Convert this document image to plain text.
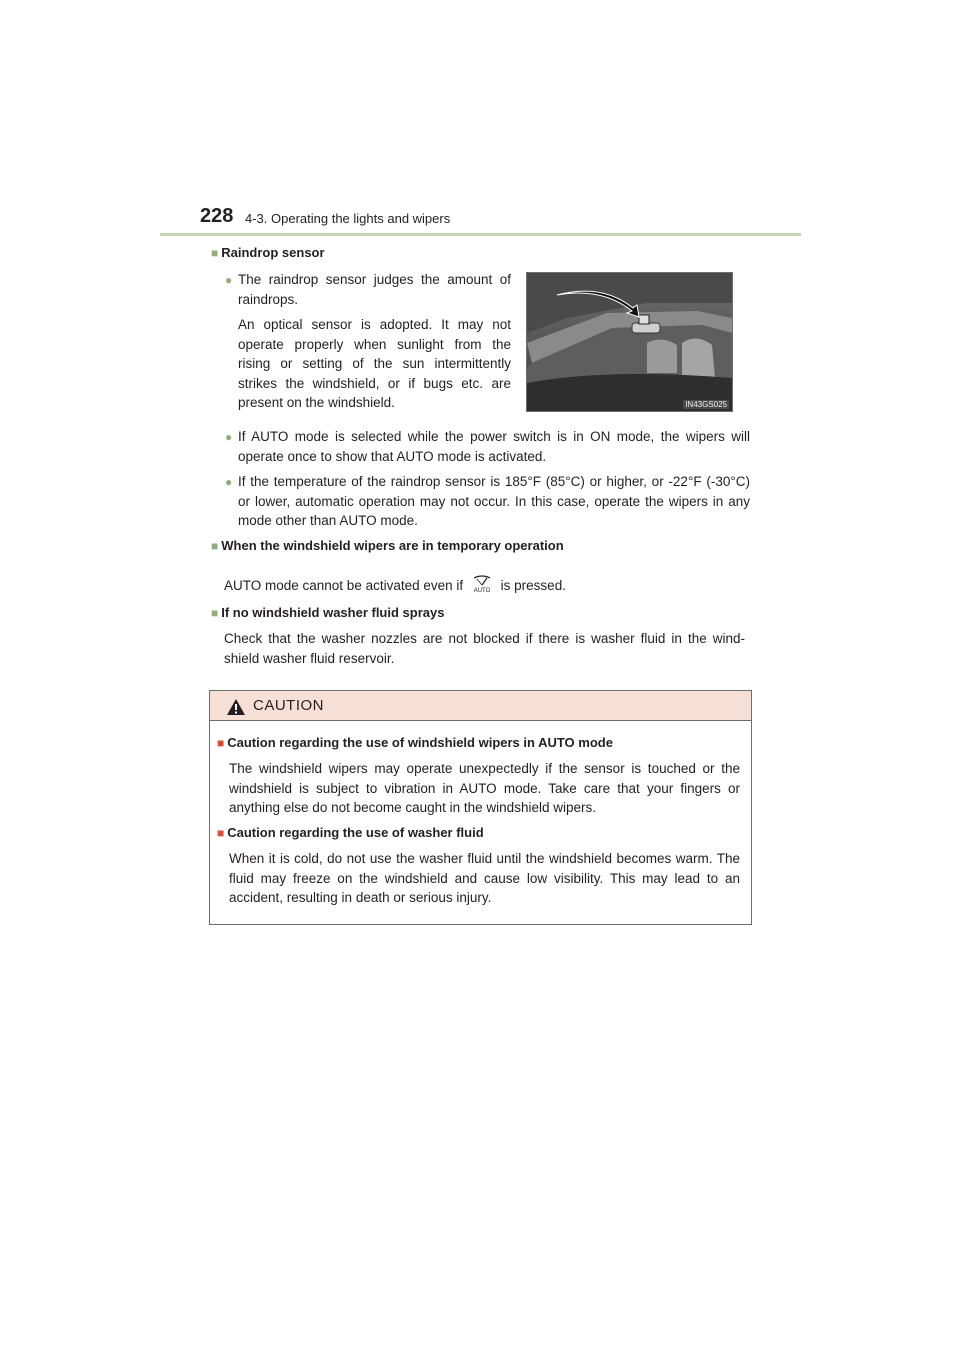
228 4-3. Operating the lights and wipers
■ Raindrop sensor
● The raindrop sensor judges the amount of raindrops.
An optical sensor is adopted. It may not operate properly when sunlight from the rising or setting of the sun intermittently strikes the windshield, or if bugs etc. are present on the windshield.	IN43GS025
● If AUTO mode is selected while the power switch is in ON mode, the wipers will operate once to show that AUTO mode is activated.
● If the temperature of the raindrop sensor is 185°F (85°C) or higher, or -22°F (-30°C) or lower, automatic operation may not occur. In this case, operate the wipers in any mode other than AUTO mode.
■ When the windshield wipers are in temporary operation
AUTO mode cannot be activated even if AUTO is pressed.
■ If no windshield washer fluid sprays
Check that the washer nozzles are not blocked if there is washer fluid in the wind-shield washer fluid reservoir.
CAUTION
■ Caution regarding the use of windshield wipers in AUTO mode
The windshield wipers may operate unexpectedly if the sensor is touched or the windshield is subject to vibration in AUTO mode. Take care that your fingers or anything else do not become caught in the windshield wipers.
■ Caution regarding the use of washer fluid
When it is cold, do not use the washer fluid until the windshield becomes warm. The fluid may freeze on the windshield and cause low visibility. This may lead to an accident, resulting in death or serious injury.
